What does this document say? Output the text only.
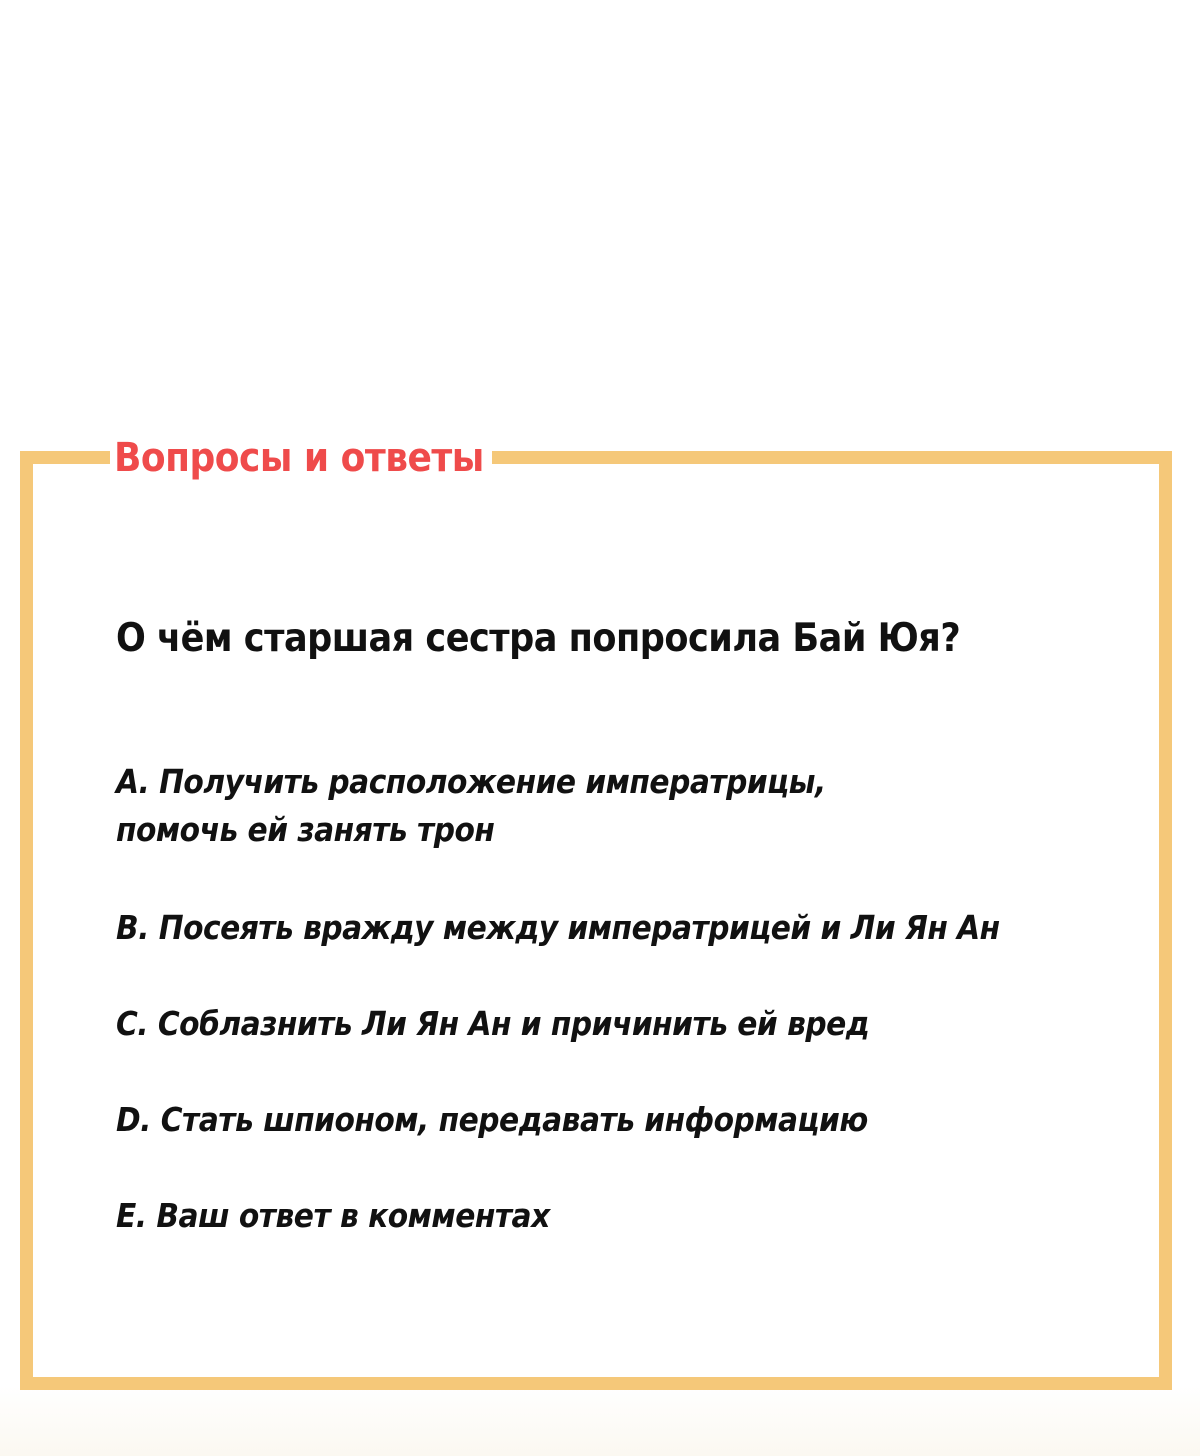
Вопросы и ответы
О чём старшая сестра попросила Бай Юя?
А. Получить расположение императрицы,
помочь ей занять трон
B. Посеять вражду между императрицей и Ли Ян Ан
C. Соблазнить Ли Ян Ан и причинить ей вред
D. Стать шпионом, передавать информацию
E. Ваш ответ в комментах
